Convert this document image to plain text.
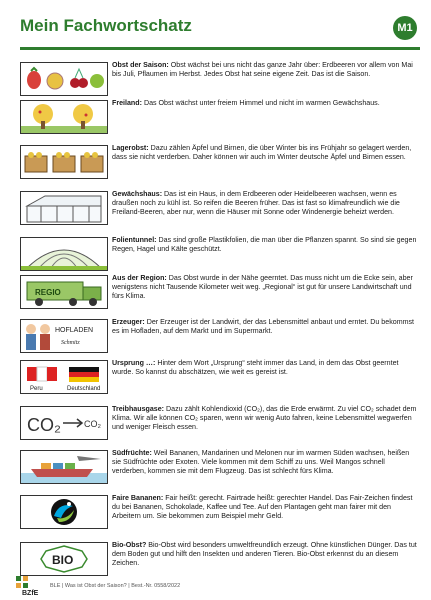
Mein Fachwortschatz	M1
Obst der Saison: Obst wächst bei uns nicht das ganze Jahr über: Erdbeeren vor allem von Mai bis Juli, Pflaumen im Herbst. Jedes Obst hat seine eigene Zeit. Das ist die Saison.
Freiland: Das Obst wächst unter freiem Himmel und nicht im warmen Gewächshaus.
Lagerobst: Dazu zählen Äpfel und Birnen, die über Winter bis ins Frühjahr so gelagert werden, dass sie nicht verderben. Daher können wir auch im Winter deutsche Äpfel und Birnen essen.
Gewächshaus: Das ist ein Haus, in dem Erdbeeren oder Heidelbeeren wachsen, wenn es draußen noch zu kühl ist. So reifen die Beeren früher. Das ist fast so klimafreundlich wie die Freiland-Beeren, aber nur, wenn die Häuser mit Sonne oder Windenergie beheizt werden.
Folientunnel: Das sind große Plastikfolien, die man über die Pflanzen spannt. So sind sie gegen Regen, Hagel und Kälte geschützt.
REGIO
Aus der Region: Das Obst wurde in der Nähe geerntet. Das muss nicht um die Ecke sein, aber wenigstens nicht Tausende Kilometer weit weg. „Regional“ ist gut für unsere Landwirtschaft und fürs Klima.
HOFLADEN
Schmitz
Erzeuger: Der Erzeuger ist der Landwirt, der das Lebensmittel anbaut und erntet. Du bekommst es im Hofladen, auf dem Markt und im Supermarkt.
Peru	Deutschland
Ursprung …: Hinter dem Wort „Ursprung“ steht immer das Land, in dem das Obst geerntet wurde. So kannst du abschätzen, wie weit es gereist ist.
CO₂	CO₂
Treibhausgase: Dazu zählt Kohlendioxid (CO₂), das die Erde erwärmt. Zu viel CO₂ schadet dem Klima. Wir alle können CO₂ sparen, wenn wir wenig Auto fahren, keine Lebensmittel wegwerfen und weniger Fleisch essen.
Südfrüchte: Weil Bananen, Mandarinen und Melonen nur im warmen Süden wachsen, heißen sie Südfrüchte oder Exoten. Viele kommen mit dem Schiff zu uns. Weil Mangos schnell verderben, kommen sie mit dem Flugzeug. Das ist schlecht fürs Klima.
Faire Bananen: Fair heißt: gerecht. Fairtrade heißt: gerechter Handel. Das Fair-Zeichen findest du bei Bananen, Schokolade, Kaffee und Tee. Auf den Plantagen geht man fairer mit den Arbeitern um. Sie bekommen zum Beispiel mehr Geld.
BIO
Bio-Obst? Bio-Obst wird besonders umweltfreundlich erzeugt. Ohne künstlichen Dünger. Das tut dem Boden gut und hilft den Insekten und anderen Tieren. Bio-Obst erkennst du an diesem Zeichen.
BZfE
BLE | Was ist Obst der Saison? | Best.-Nr. 0558/2022
